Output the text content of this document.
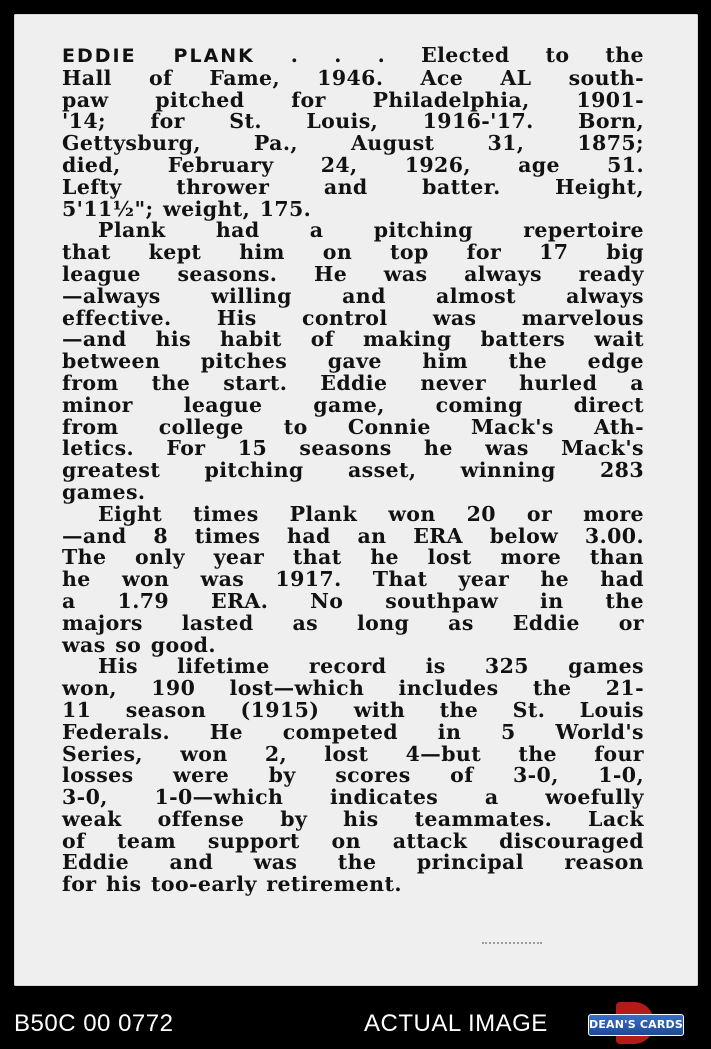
EDDIE PLANK . . . Elected to the
Hall of Fame, 1946. Ace AL south-
paw pitched for Philadelphia, 1901-
'14; for St. Louis, 1916-'17. Born,
Gettysburg, Pa., August 31, 1875;
died, February 24, 1926, age 51.
Lefty thrower and batter. Height,
5'11½"; weight, 175.
Plank had a pitching repertoire
that kept him on top for 17 big
league seasons. He was always ready
—always willing and almost always
effective. His control was marvelous
—and his habit of making batters wait
between pitches gave him the edge
from the start. Eddie never hurled a
minor league game, coming direct
from college to Connie Mack's Ath-
letics. For 15 seasons he was Mack's
greatest pitching asset, winning 283
games.
Eight times Plank won 20 or more
—and 8 times had an ERA below 3.00.
The only year that he lost more than
he won was 1917. That year he had
a 1.79 ERA. No southpaw in the
majors lasted as long as Eddie or
was so good.
His lifetime record is 325 games
won, 190 lost—which includes the 21-
11 season (1915) with the St. Louis
Federals. He competed in 5 World's
Series, won 2, lost 4—but the four
losses were by scores of 3-0, 1-0,
3-0, 1-0—which indicates a woefully
weak offense by his teammates. Lack
of team support on attack discouraged
Eddie and was the principal reason
for his too-early retirement.
B50C 00 0772	ACTUAL IMAGE	DEAN'S CARDS
